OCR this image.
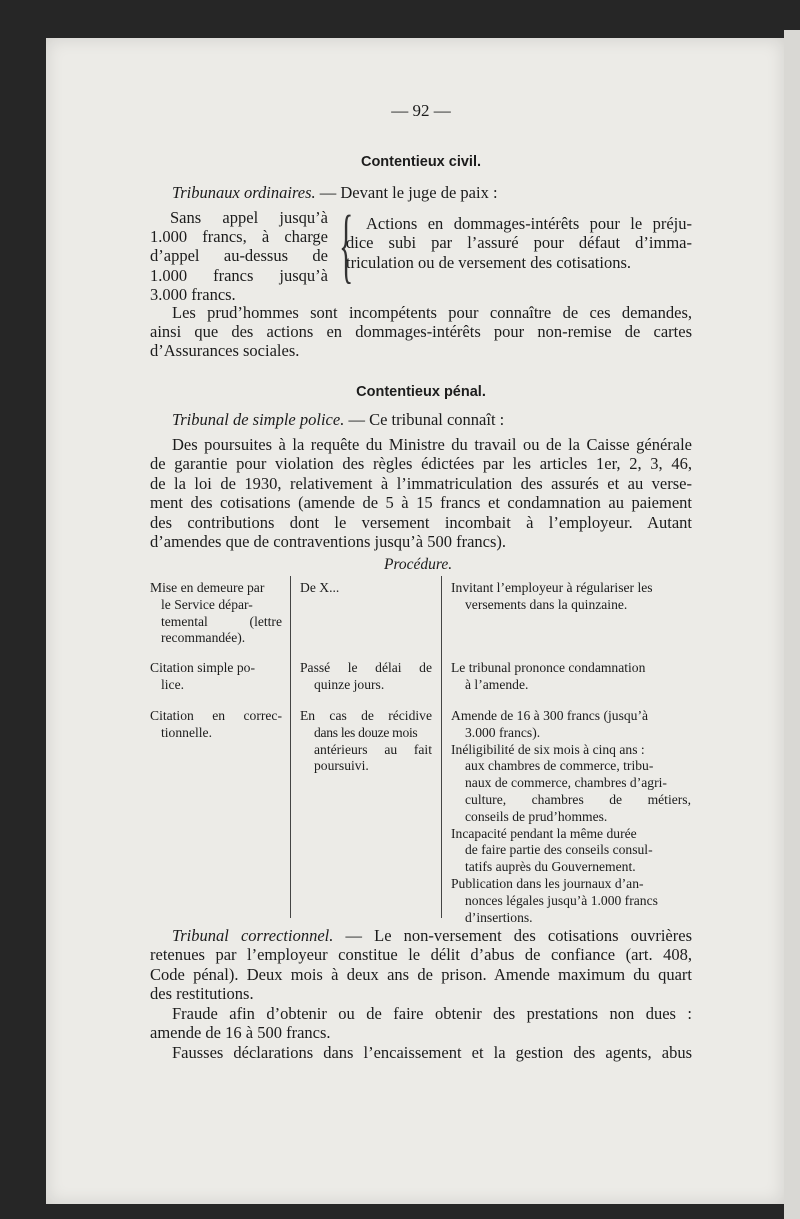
— 92 —
Contentieux civil.
Tribunaux ordinaires. — Devant le juge de paix :
Sans appel jusqu’à
1.000 francs, à charge
d’appel au-dessus de
1.000 francs jusqu’à
3.000 francs.
{ Actions en dommages-intérêts pour le préju-
dice subi par l’assuré pour défaut d’imma-
triculation ou de versement des cotisations.
Les prud’hommes sont incompétents pour connaître de ces demandes,
ainsi que des actions en dommages-intérêts pour non-remise de cartes
d’Assurances sociales.
Contentieux pénal.
Tribunal de simple police. — Ce tribunal connaît :
Des poursuites à la requête du Ministre du travail ou de la Caisse générale
de garantie pour violation des règles édictées par les articles 1er, 2, 3, 46,
de la loi de 1930, relativement à l’immatriculation des assurés et au verse-
ment des cotisations (amende de 5 à 15 francs et condamnation au paiement
des contributions dont le versement incombait à l’employeur. Autant
d’amendes que de contraventions jusqu’à 500 francs).
Procédure.
Mise en demeure par
le Service dépar-
temental (lettre
recommandée).
De X...	Invitant l’employeur à régulariser les
versements dans la quinzaine.
Citation simple po-
lice.
Passé le délai de
quinze jours.
Le tribunal prononce condamnation
à l’amende.
Citation en correc-
tionnelle.
En cas de récidive
dans les douze mois
antérieurs au fait
poursuivi.
Amende de 16 à 300 francs (jusqu’à
3.000 francs).
Inéligibilité de six mois à cinq ans :
aux chambres de commerce, tribu-
naux de commerce, chambres d’agri-
culture, chambres de métiers,
conseils de prud’hommes.
Incapacité pendant la même durée
de faire partie des conseils consul-
tatifs auprès du Gouvernement.
Publication dans les journaux d’an-
nonces légales jusqu’à 1.000 francs
d’insertions.
Tribunal correctionnel. — Le non-versement des cotisations ouvrières
retenues par l’employeur constitue le délit d’abus de confiance (art. 408,
Code pénal). Deux mois à deux ans de prison. Amende maximum du quart
des restitutions.
Fraude afin d’obtenir ou de faire obtenir des prestations non dues :
amende de 16 à 500 francs.
Fausses déclarations dans l’encaissement et la gestion des agents, abus
